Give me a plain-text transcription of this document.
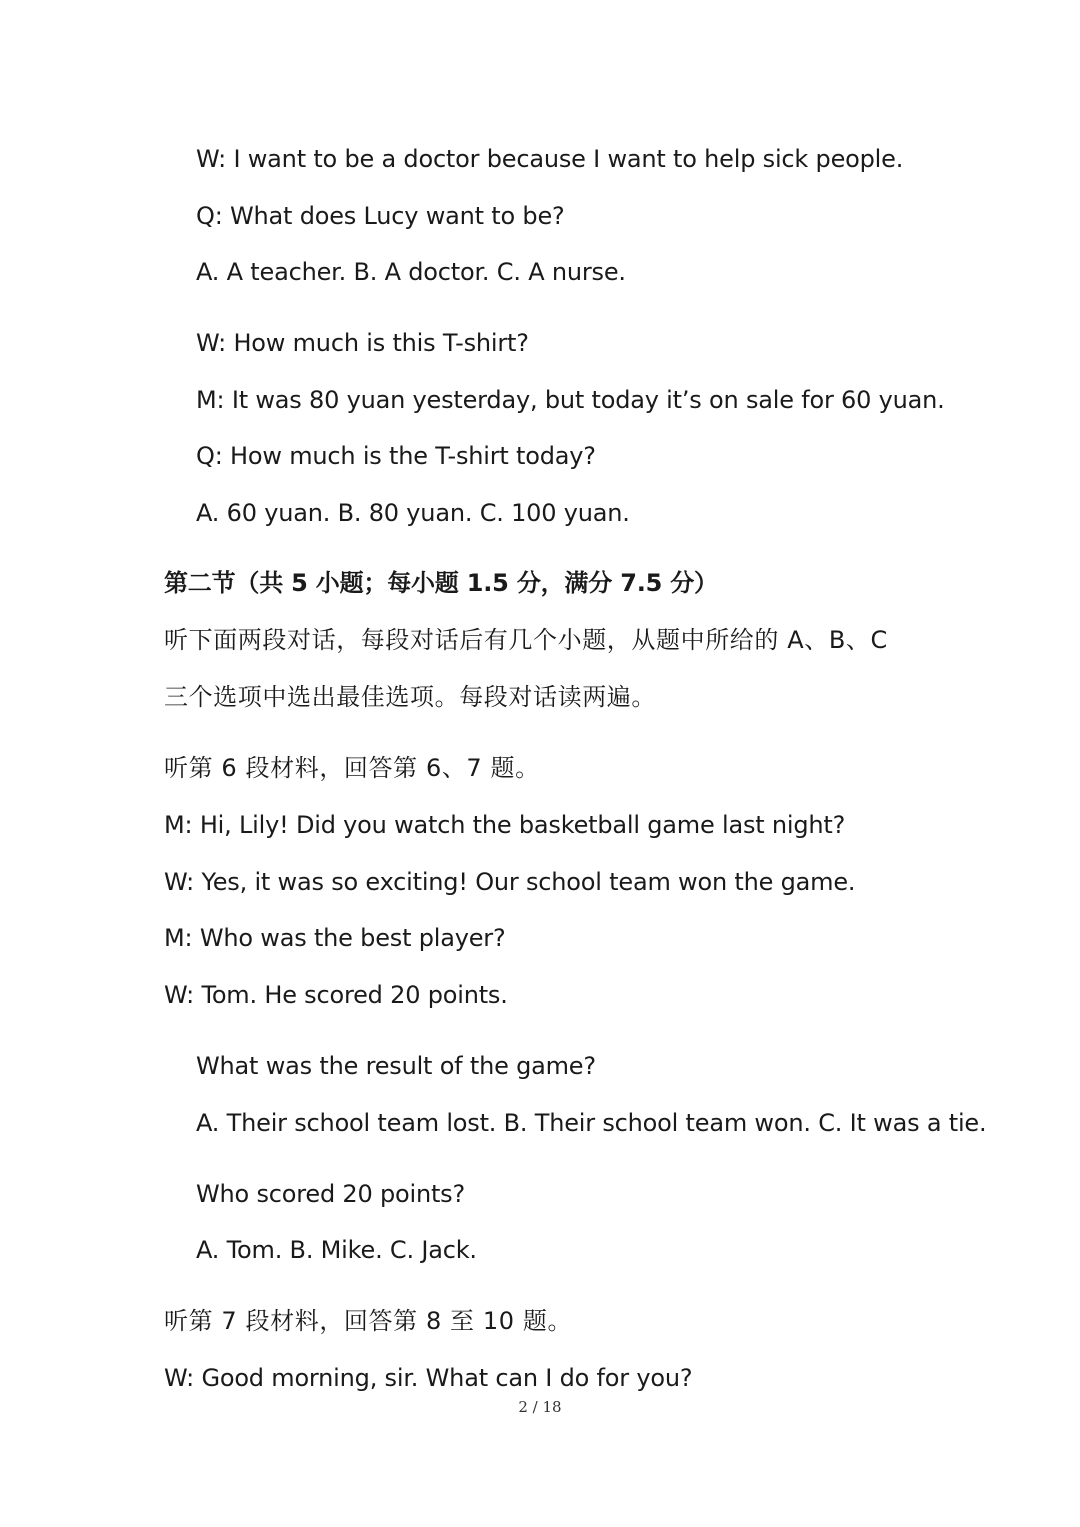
W: I want to be a doctor because I want to help sick people.
Q: What does Lucy want to be?
A. A teacher. B. A doctor. C. A nurse.
W: How much is this T-shirt?
M: It was 80 yuan yesterday, but today it’s on sale for 60 yuan.
Q: How much is the T-shirt today?
A. 60 yuan. B. 80 yuan. C. 100 yuan.
第二节（共 5 小题；每小题 1.5 分，满分 7.5 分）
听下面两段对话，每段对话后有几个小题，从题中所给的 A、B、C
三个选项中选出最佳选项。每段对话读两遍。
听第 6 段材料，回答第 6、7 题。
M: Hi, Lily! Did you watch the basketball game last night?
W: Yes, it was so exciting! Our school team won the game.
M: Who was the best player?
W: Tom. He scored 20 points.
What was the result of the game?
A. Their school team lost. B. Their school team won. C. It was a tie.
Who scored 20 points?
A. Tom. B. Mike. C. Jack.
听第 7 段材料，回答第 8 至 10 题。
W: Good morning, sir. What can I do for you?
2 / 18
